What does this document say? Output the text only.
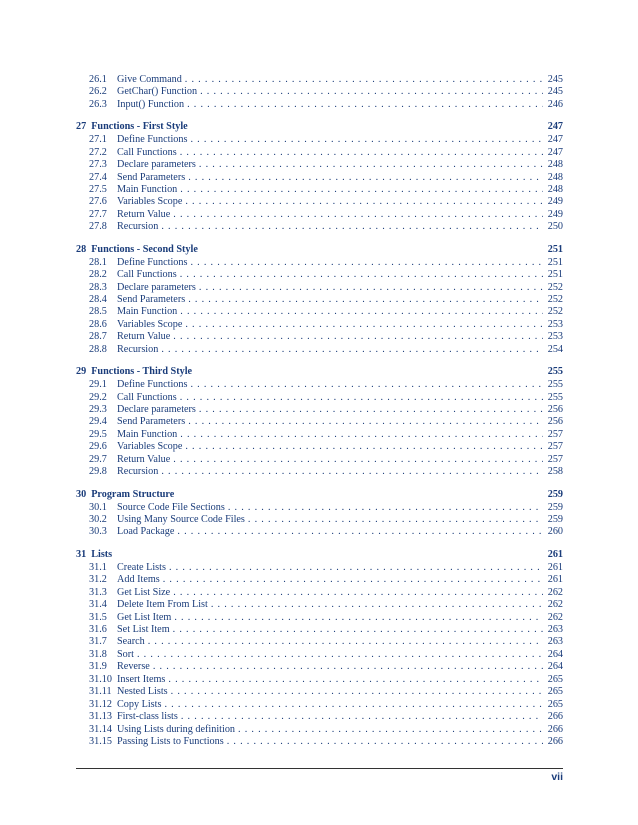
26.1 Give Command . . .	245
26.2 GetChar() Function . . .	245
26.3 Input() Function . . .	246
27 Functions - First Style	247
27.1 Define Functions . . .	247
27.2 Call Functions . . .	247
27.3 Declare parameters . . .	248
27.4 Send Parameters . . .	248
27.5 Main Function . . .	248
27.6 Variables Scope . . .	249
27.7 Return Value . . .	249
27.8 Recursion . . .	250
28 Functions - Second Style	251
28.1 Define Functions . . .	251
28.2 Call Functions . . .	251
28.3 Declare parameters . . .	252
28.4 Send Parameters . . .	252
28.5 Main Function . . .	252
28.6 Variables Scope . . .	253
28.7 Return Value . . .	253
28.8 Recursion . . .	254
29 Functions - Third Style	255
29.1 Define Functions . . .	255
29.2 Call Functions . . .	255
29.3 Declare parameters . . .	256
29.4 Send Parameters . . .	256
29.5 Main Function . . .	257
29.6 Variables Scope . . .	257
29.7 Return Value . . .	257
29.8 Recursion . . .	258
30 Program Structure	259
30.1 Source Code File Sections . . .	259
30.2 Using Many Source Code Files . . .	259
30.3 Load Package . . .	260
31 Lists	261
31.1 Create Lists . . .	261
31.2 Add Items . . .	261
31.3 Get List Size . . .	262
31.4 Delete Item From List . . .	262
31.5 Get List Item . . .	262
31.6 Set List Item . . .	263
31.7 Search . . .	263
31.8 Sort . . .	264
31.9 Reverse . . .	264
31.10 Insert Items . . .	265
31.11 Nested Lists . . .	265
31.12 Copy Lists . . .	265
31.13 First-class lists . . .	266
31.14 Using Lists during definition . . .	266
31.15 Passing Lists to Functions . . .	266
vii
